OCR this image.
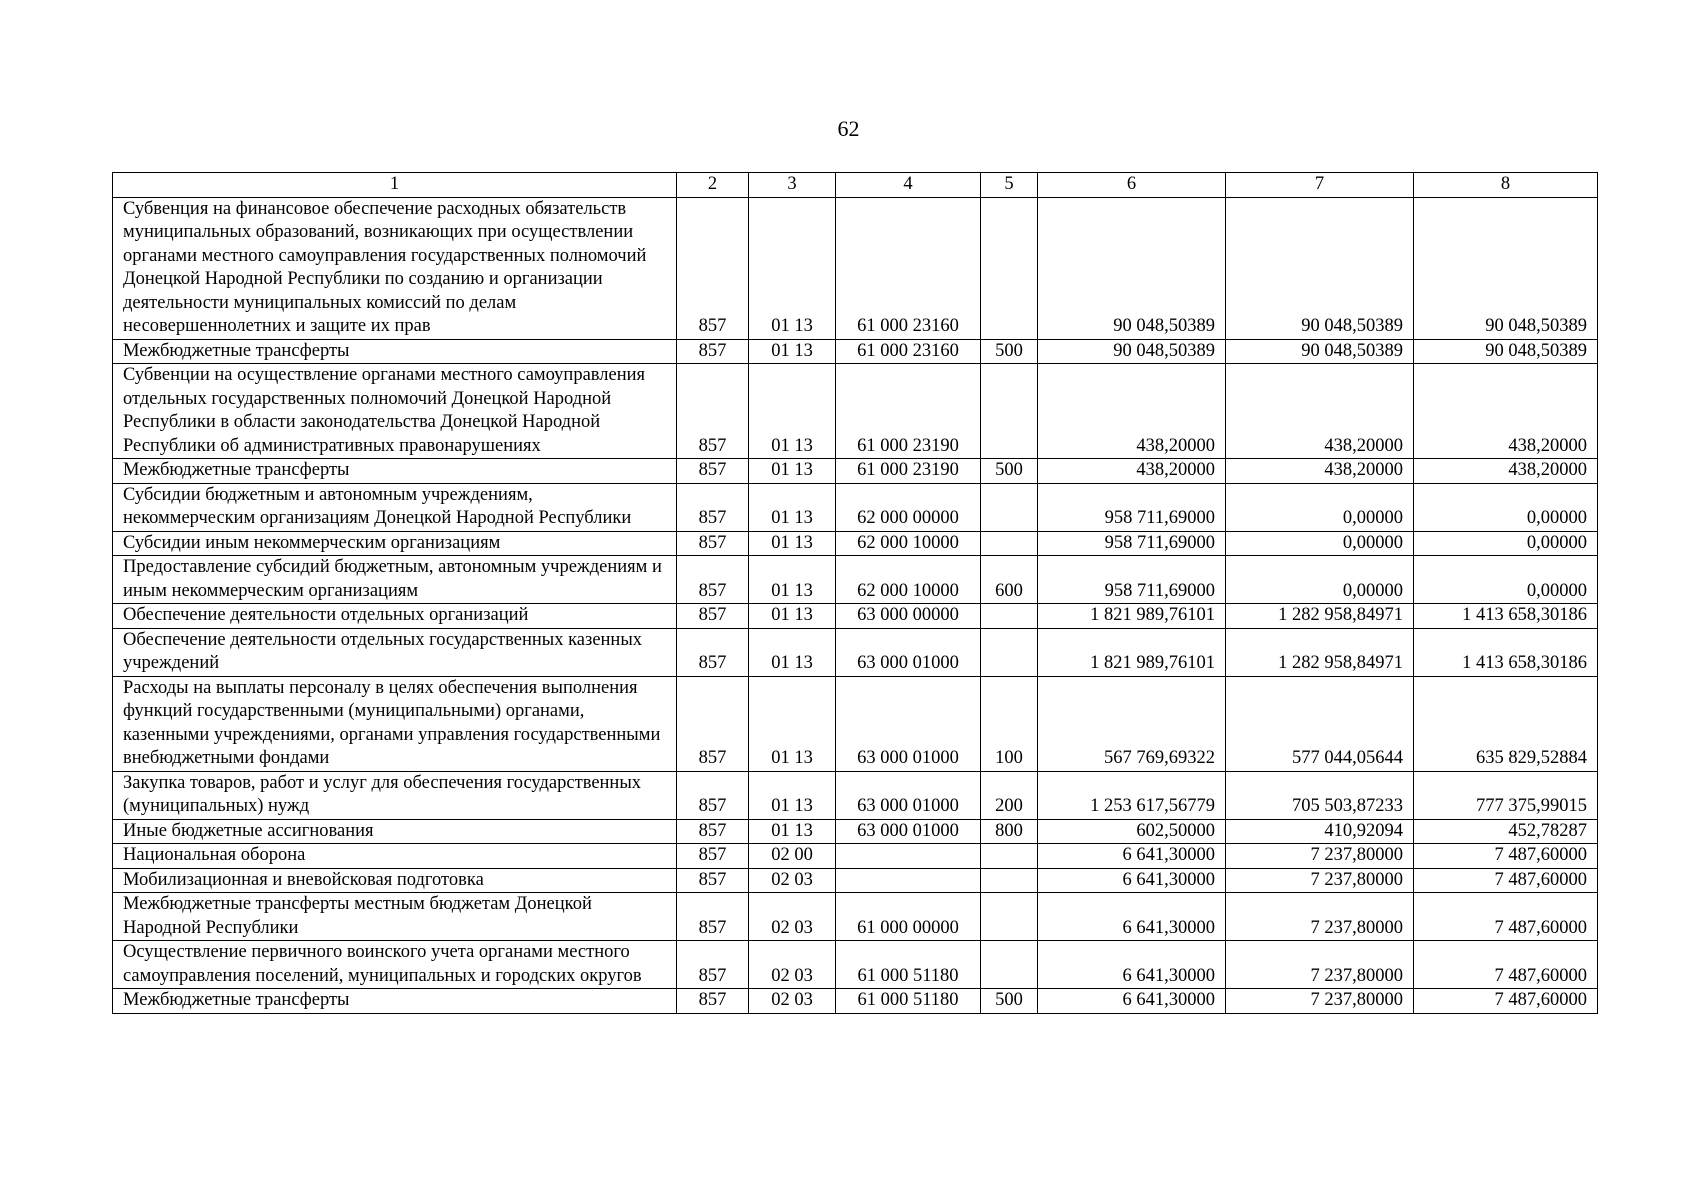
62
1	2	3	4	5	6	7	8
Субвенция на финансовое обеспечение расходных обязательств муниципальных образований, возникающих при осуществлении органами местного самоуправления государственных полномочий Донецкой Народной Республики по созданию и организации деятельности муниципальных комиссий по делам несовершеннолетних и защите их прав	857	01 13	61 000 23160		90 048,50389	90 048,50389	90 048,50389
Межбюджетные трансферты	857	01 13	61 000 23160	500	90 048,50389	90 048,50389	90 048,50389
Субвенции на осуществление органами местного самоуправления отдельных государственных полномочий Донецкой Народной Республики в области законодательства Донецкой Народной Республики об административных правонарушениях	857	01 13	61 000 23190		438,20000	438,20000	438,20000
Межбюджетные трансферты	857	01 13	61 000 23190	500	438,20000	438,20000	438,20000
Субсидии бюджетным и автономным учреждениям, некоммерческим организациям Донецкой Народной Республики	857	01 13	62 000 00000		958 711,69000	0,00000	0,00000
Субсидии иным некоммерческим организациям	857	01 13	62 000 10000		958 711,69000	0,00000	0,00000
Предоставление субсидий бюджетным, автономным учреждениям и иным некоммерческим организациям	857	01 13	62 000 10000	600	958 711,69000	0,00000	0,00000
Обеспечение деятельности отдельных организаций	857	01 13	63 000 00000		1 821 989,76101	1 282 958,84971	1 413 658,30186
Обеспечение деятельности отдельных государственных казенных учреждений	857	01 13	63 000 01000		1 821 989,76101	1 282 958,84971	1 413 658,30186
Расходы на выплаты персоналу в целях обеспечения выполнения функций государственными (муниципальными) органами, казенными учреждениями, органами управления государственными внебюджетными фондами	857	01 13	63 000 01000	100	567 769,69322	577 044,05644	635 829,52884
Закупка товаров, работ и услуг для обеспечения государственных (муниципальных) нужд	857	01 13	63 000 01000	200	1 253 617,56779	705 503,87233	777 375,99015
Иные бюджетные ассигнования	857	01 13	63 000 01000	800	602,50000	410,92094	452,78287
Национальная оборона	857	02 00			6 641,30000	7 237,80000	7 487,60000
Мобилизационная и вневойсковая подготовка	857	02 03			6 641,30000	7 237,80000	7 487,60000
Межбюджетные трансферты местным бюджетам Донецкой Народной Республики	857	02 03	61 000 00000		6 641,30000	7 237,80000	7 487,60000
Осуществление первичного воинского учета органами местного самоуправления поселений, муниципальных и городских округов	857	02 03	61 000 51180		6 641,30000	7 237,80000	7 487,60000
Межбюджетные трансферты	857	02 03	61 000 51180	500	6 641,30000	7 237,80000	7 487,60000
